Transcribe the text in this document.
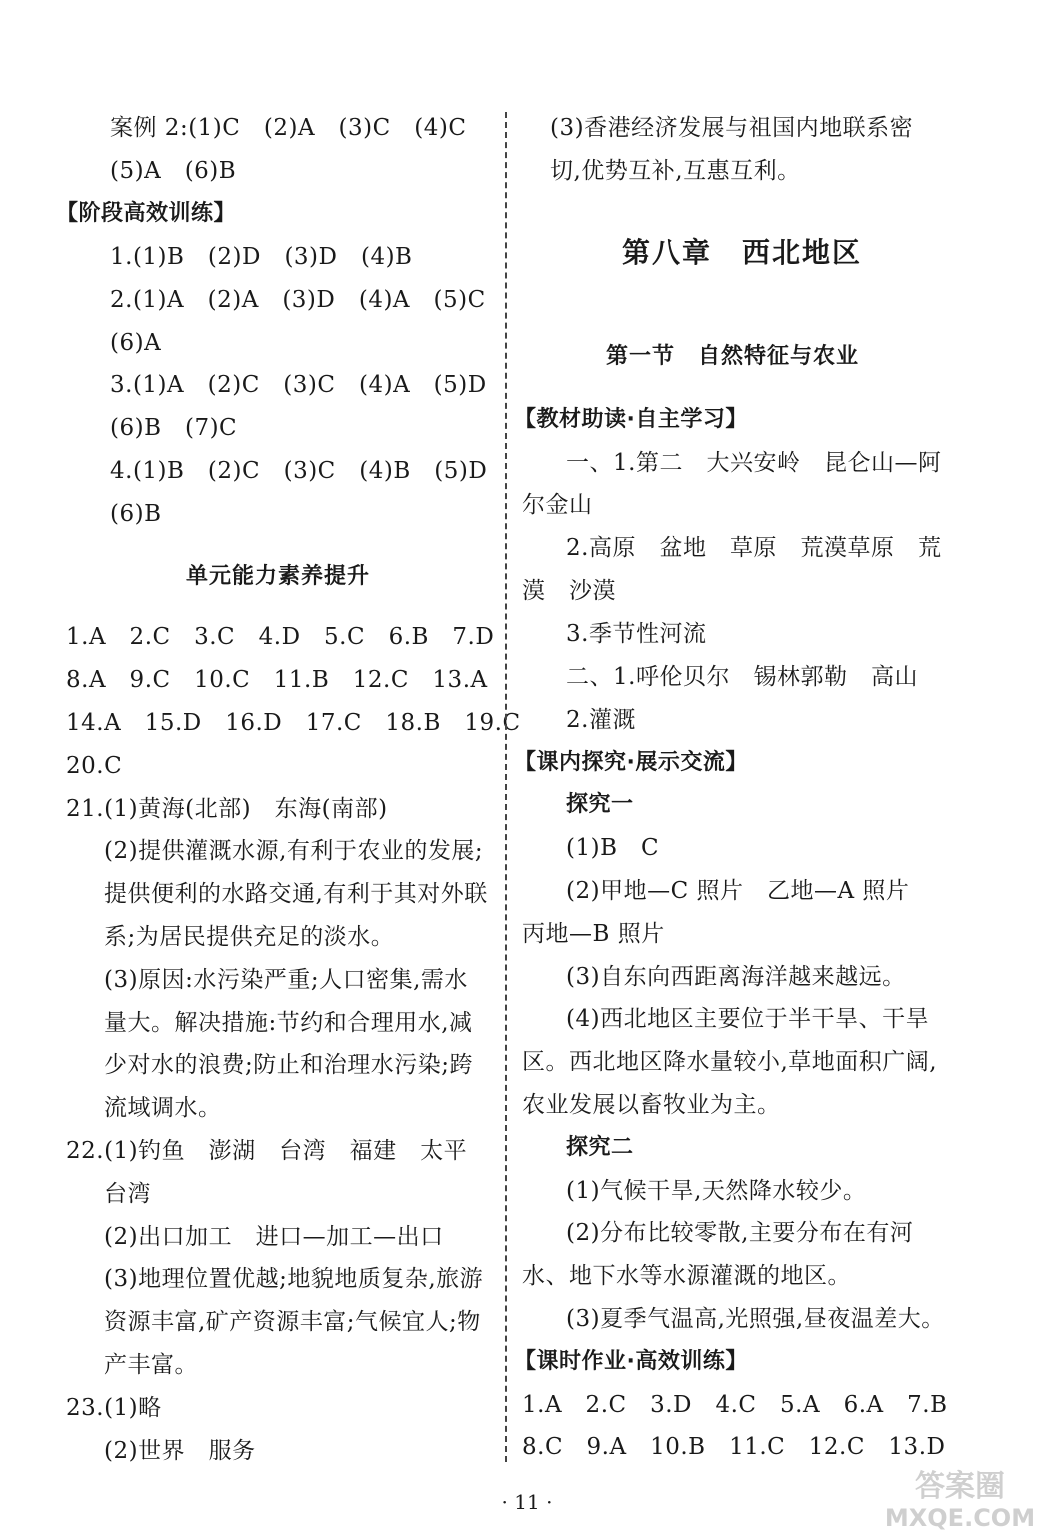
案例 2:(1)C　(2)A　(3)C　(4)C
(5)A　(6)B
【阶段高效训练】
1.(1)B　(2)D　(3)D　(4)B
2.(1)A　(2)A　(3)D　(4)A　(5)C
(6)A
3.(1)A　(2)C　(3)C　(4)A　(5)D
(6)B　(7)C
4.(1)B　(2)C　(3)C　(4)B　(5)D
(6)B
单元能力素养提升
1.A　2.C　3.C　4.D　5.C　6.B　7.D
8.A　9.C　10.C　11.B　12.C　13.A
14.A　15.D　16.D　17.C　18.B　19.C
20.C
21.(1)黄海(北部)　东海(南部)
(2)提供灌溉水源,有利于农业的发展;
提供便利的水路交通,有利于其对外联
系;为居民提供充足的淡水。
(3)原因:水污染严重;人口密集,需水
量大。解决措施:节约和合理用水,减
少对水的浪费;防止和治理水污染;跨
流域调水。
22.(1)钓鱼　澎湖　台湾　福建　太平
台湾
(2)出口加工　进口—加工—出口
(3)地理位置优越;地貌地质复杂,旅游
资源丰富,矿产资源丰富;气候宜人;物
产丰富。
23.(1)略
(2)世界　服务
(3)香港经济发展与祖国内地联系密
切,优势互补,互惠互利。
第八章　西北地区
第一节　自然特征与农业
【教材助读·自主学习】
一、1.第二　大兴安岭　昆仑山—阿
尔金山
2.高原　盆地　草原　荒漠草原　荒
漠　沙漠
3.季节性河流
二、1.呼伦贝尔　锡林郭勒　高山
2.灌溉
【课内探究·展示交流】
探究一
(1)B　C
(2)甲地—C 照片　乙地—A 照片
丙地—B 照片
(3)自东向西距离海洋越来越远。
(4)西北地区主要位于半干旱、干旱
区。西北地区降水量较小,草地面积广阔,
农业发展以畜牧业为主。
探究二
(1)气候干旱,天然降水较少。
(2)分布比较零散,主要分布在有河
水、地下水等水源灌溉的地区。
(3)夏季气温高,光照强,昼夜温差大。
【课时作业·高效训练】
1.A　2.C　3.D　4.C　5.A　6.A　7.B
8.C　9.A　10.B　11.C　12.C　13.D
· 11 ·	答案圈
MXQE.COM
